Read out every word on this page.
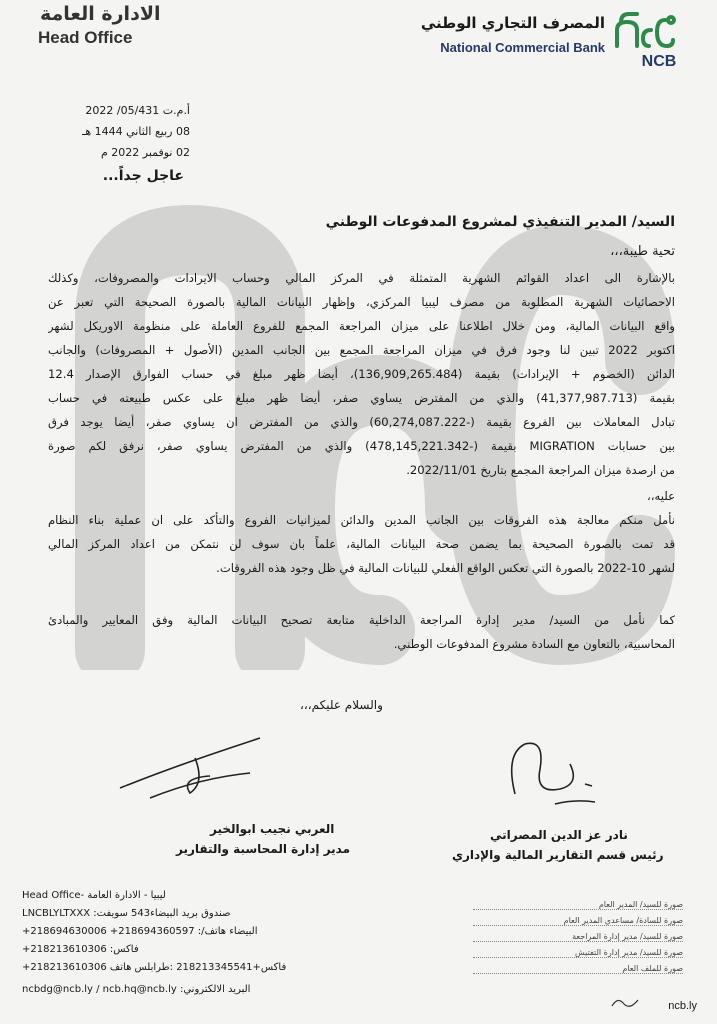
NCB
المصرف التجاري الوطني
National Commercial Bank
الادارة العامة
Head Office
أ.م.ت 05/431/ 2022
08 ربيع الثاني 1444 هـ
02 نوفمبر 2022 م
عاجل جداً...
السيد/ المدير التنفيذي لمشروع المدفوعات الوطني
تحية طيبة،،،
بالإشارة الى اعداد القوائم الشهرية المتمثلة في المركز المالي وحساب الايرادات والمصروفات، وكذلك
الاحصائيات الشهرية المطلوبة من مصرف ليبيا المركزي، وإظهار البيانات المالية بالصورة الصحيحة التي تعبر عن
واقع البيانات المالية، ومن خلال اطلاعنا على ميزان المراجعة المجمع للفروع العاملة على منظومة الاوريكل لشهر
اكتوبر 2022 تبين لنا وجود فرق في ميزان المراجعة المجمع بين الجانب المدين (الأصول + المصروفات) والجانب
الدائن (الخصوم + الإيرادات) بقيمة (136,909,265.484)، أيضا ظهر مبلغ في حساب الفوارق الإصدار 12.4
بقيمة (41,377,987.713) والذي من المفترض يساوي صفر، أيضا ظهر مبلغ على عكس طبيعته في حساب
تبادل المعاملات بين الفروع بقيمة (-60,274,087.222) والذي من المفترض ان يساوي صفر، أيضا يوجد فرق
بين حسابات MIGRATION بقيمة (-478,145,221.342) والذي من المفترض يساوي صفر، نرفق لكم صورة
من ارصدة ميزان المراجعة المجمع بتاريخ 2022/11/01.
عليه،،
نأمل منكم معالجة هذه الفروقات بين الجانب المدين والدائن لميزانيات الفروع والتأكد على ان عملية بناء النظام
قد تمت بالصورة الصحيحة بما يضمن صحة البيانات المالية، علماً بان سوف لن نتمكن من اعداد المركز المالي
لشهر 10-2022 بالصورة التي تعكس الواقع الفعلي للبيانات المالية في ظل وجود هذه الفروقات.
كما نأمل من السيد/ مدير إدارة المراجعة الداخلية متابعة تصحيح البيانات المالية وفق المعايير والمبادئ
المحاسبية، بالتعاون مع السادة مشروع المدفوعات الوطني.
والسلام عليكم،،،
العربي نجيب ابوالخير
مدير إدارة المحاسبة والتقارير
نادر عز الدين المصراتي
رئيس قسم التقارير المالية والإداري
Head Office- ليبيا - الادارة العامة
LNCBLYLTXXX :صندوق بريد البيضاء543 سويفت
+218694630006 +218694360597 :/البيضاء هاتف
+218213610306 :فاكس
+218213610306 فاكس+218213345541 :طرابلس هاتف
ncbdg@ncb.ly / ncb.hq@ncb.ly :البريد الالكتروني
صورة للسيد/ المدير العام
صورة للسادة/ مساعدي المدير العام
صورة للسيد/ مدير إدارة المراجعة
صورة للسيد/ مدير إدارة التفتيش
صورة للملف العام
ncb.ly
